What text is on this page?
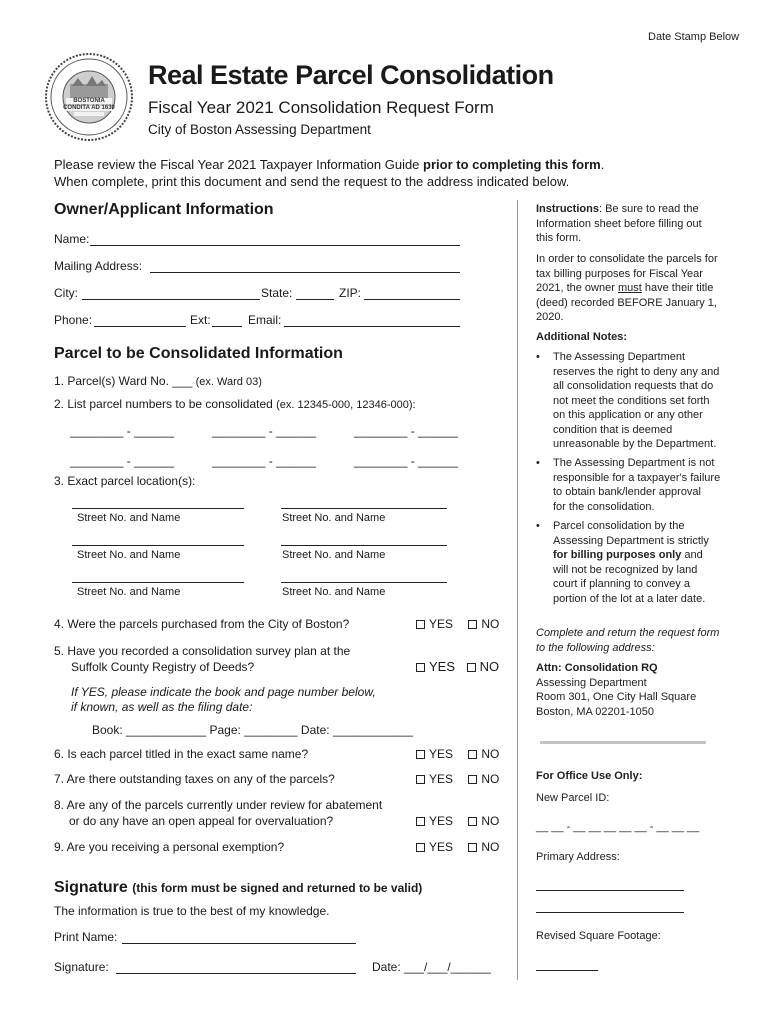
Date Stamp Below
BOSTONIA CONDITA AD 1630
Real Estate Parcel Consolidation
Fiscal Year 2021 Consolidation Request Form
City of Boston Assessing Department
Please review the Fiscal Year 2021 Taxpayer Information Guide prior to completing this form.
When complete, print this document and send the request to the address indicated below.
Owner/Applicant Information
Name:
Mailing Address:
City:	State:	ZIP:
Phone:	Ext:	Email:
Parcel to be Consolidated Information
1. Parcel(s) Ward No. ___ (ex. Ward 03)
2. List parcel numbers to be consolidated (ex. 12345-000, 12346-000):
________ - ______	________ - ______	________ - ______
________ - ______	________ - ______	________ - ______
3. Exact parcel location(s):
Street No. and Name	Street No. and Name
Street No. and Name	Street No. and Name
Street No. and Name	Street No. and Name
4. Were the parcels purchased from the City of Boston?	YES NO
5. Have you recorded a consolidation survey plan at the
Suffolk County Registry of Deeds?	YES NO
If YES, please indicate the book and page number below,
if known, as well as the filing date:
Book: ____________ Page: ________ Date: ____________
6. Is each parcel titled in the exact same name?	YES NO
7. Are there outstanding taxes on any of the parcels?	YES NO
8. Are any of the parcels currently under review for abatement
or do any have an open appeal for overvaluation?	YES NO
9. Are you receiving a personal exemption?	YES NO
Signature (this form must be signed and returned to be valid)
The information is true to the best of my knowledge.
Print Name:
Signature:	Date: ___/___/______
Instructions: Be sure to read the
Information sheet before filling out
this form.
In order to consolidate the parcels for
tax billing purposes for Fiscal Year
2021, the owner must have their title
(deed) recorded BEFORE January 1,
2020.
Additional Notes:
• The Assessing Department
reserves the right to deny any and
all consolidation requests that do
not meet the conditions set forth
on this application or any other
condition that is deemed
unreasonable by the Department.
• The Assessing Department is not
responsible for a taxpayer's failure
to obtain bank/lender approval
for the consolidation.
• Parcel consolidation by the
Assessing Department is strictly
for billing purposes only and
will not be recognized by land
court if planning to convey a
portion of the lot at a later date.
Complete and return the request form
to the following address:
Attn: Consolidation RQ
Assessing Department
Room 301, One City Hall Square
Boston, MA 02201-1050
For Office Use Only:
New Parcel ID:
__ __ - __ __ __ __ __ - __ __ __
Primary Address:
Revised Square Footage:
